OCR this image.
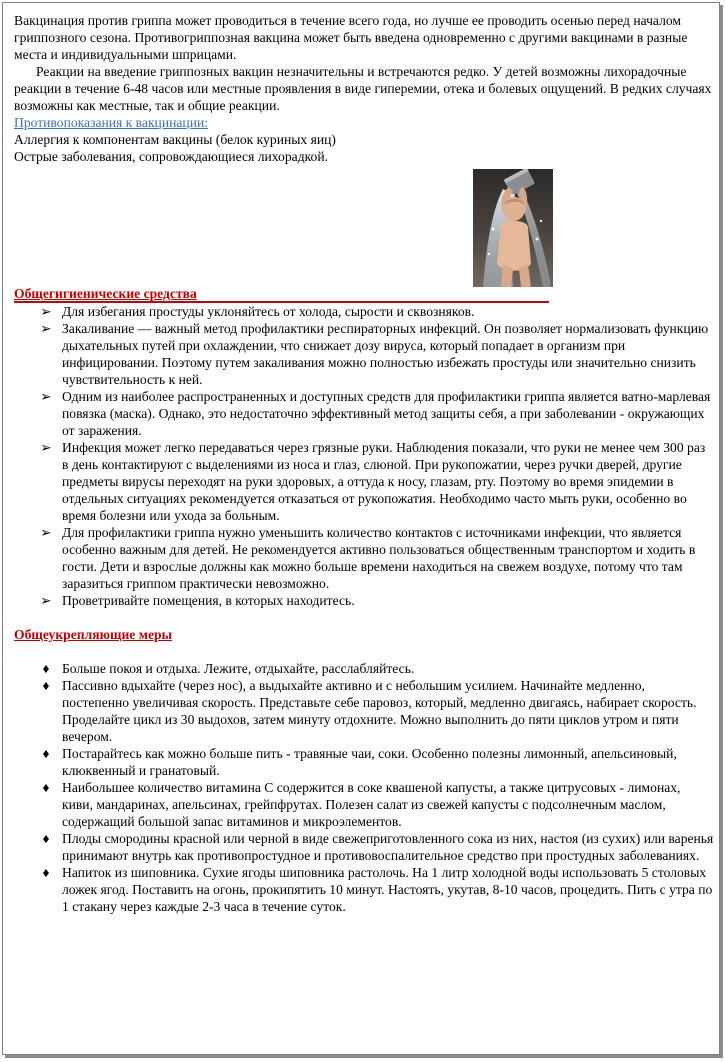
Вакцинация против гриппа может проводиться в течение всего года, но лучше ее проводить осенью перед началом гриппозного сезона. Противогриппозная вакцина может быть введена одновременно с другими вакцинами в разные места и индивидуальными шприцами.

Реакции на введение гриппозных вакцин незначительны и встречаются редко. У детей возможны лихорадочные реакции в течение 6-48 часов или местные проявления в виде гиперемии, отека и болевых ощущений. В редких случаях возможны как местные, так и общие реакции.

Противопоказания к вакцинации:

Аллергия к компонентам вакцины (белок куриных яиц)

Острые заболевания, сопровождающиеся лихорадкой.

Общегигиенические средства
➢ Для избегания простуды уклоняйтесь от холода, сырости и сквозняков.
➢ Закаливание — важный метод профилактики респираторных инфекций. Он позволяет нормализовать функцию дыхательных путей при охлаждении, что снижает дозу вируса, который попадает в организм при инфицировании. Поэтому путем закаливания можно полностью избежать простуды или значительно снизить чувствительность к ней.
➢ Одним из наиболее распространенных и доступных средств для профилактики гриппа является ватно-марлевая повязка (маска). Однако, это недостаточно эффективный метод защиты себя, а при заболевании - окружающих от заражения.
➢ Инфекция может легко передаваться через грязные руки. Наблюдения показали, что руки не менее чем 300 раз в день контактируют с выделениями из носа и глаз, слюной. При рукопожатии, через ручки дверей, другие предметы вирусы переходят на руки здоровых, а оттуда к носу, глазам, рту. Поэтому во время эпидемии в отдельных ситуациях рекомендуется отказаться от рукопожатия. Необходимо часто мыть руки, особенно во время болезни или ухода за больным.
➢ Для профилактики гриппа нужно уменьшить количество контактов с источниками инфекции, что является особенно важным для детей. Не рекомендуется активно пользоваться общественным транспортом и ходить в гости. Дети и взрослые должны как можно больше времени находиться на свежем воздухе, потому что там заразиться гриппом практически невозможно.
➢ Проветривайте помещения, в которых находитесь.
Общеукрепляющие меры
♦ Больше покоя и отдыха. Лежите, отдыхайте, расслабляйтесь.
♦ Пассивно вдыхайте (через нос), а выдыхайте активно и с небольшим усилием. Начинайте медленно, постепенно увеличивая скорость. Представьте себе паровоз, который, медленно двигаясь, набирает скорость. Проделайте цикл из 30 выдохов, затем минуту отдохните. Можно выполнить до пяти циклов утром и пяти вечером.
♦ Постарайтесь как можно больше пить - травяные чаи, соки. Особенно полезны лимонный, апельсиновый, клюквенный и гранатовый.
♦ Наибольшее количество витамина С содержится в соке квашеной капусты, а также цитрусовых - лимонах, киви, мандаринах, апельсинах, грейпфрутах. Полезен салат из свежей капусты с подсолнечным маслом, содержащий большой запас витаминов и микроэлементов.
♦ Плоды смородины красной или черной в виде свежеприготовленного сока из них, настоя (из сухих) или варенья принимают внутрь как противопростудное и противовоспалительное средство при простудных заболеваниях.
♦ Напиток из шиповника. Сухие ягоды шиповника растолочь. На 1 литр холодной воды использовать 5 столовых ложек ягод. Поставить на огонь, прокипятить 10 минут. Настоять, укутав, 8-10 часов, процедить. Пить с утра по 1 стакану через каждые 2-3 часа в течение суток.
